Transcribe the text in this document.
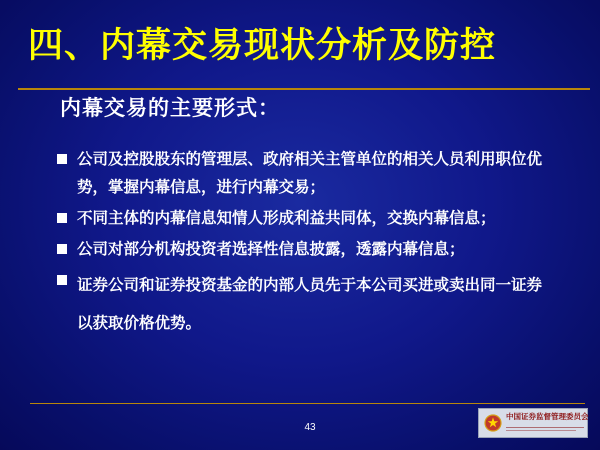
四、内幕交易现状分析及防控
内幕交易的主要形式：
公司及控股股东的管理层、政府相关主管单位的相关人员利用职位优势，掌握内幕信息，进行内幕交易；
不同主体的内幕信息知情人形成利益共同体，交换内幕信息；
公司对部分机构投资者选择性信息披露，透露内幕信息；
证券公司和证券投资基金的内部人员先于本公司买进或卖出同一证券以获取价格优势。
43
中国证券监督管理委员会
